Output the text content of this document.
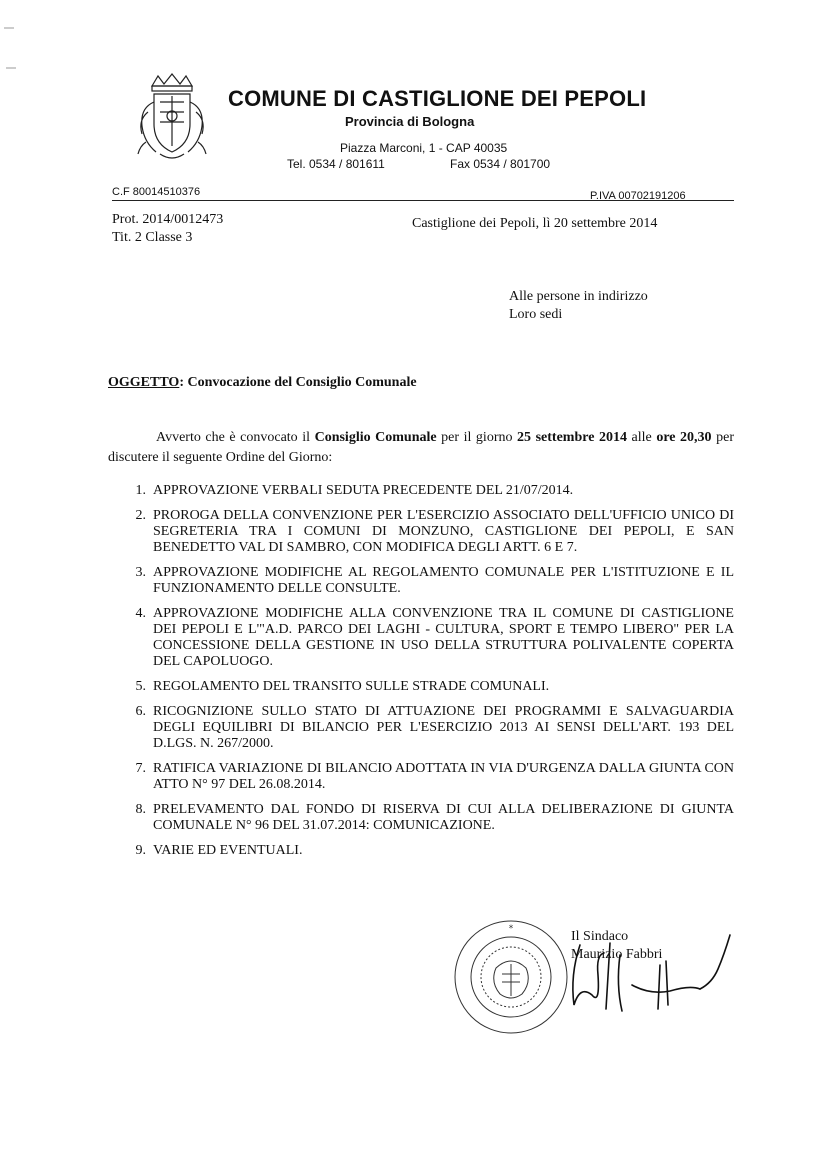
COMUNE DI CASTIGLIONE DEI PEPOLI
Provincia di Bologna
Piazza Marconi, 1 - CAP 40035
Tel. 0534 / 801611	Fax 0534 / 801700
C.F 80014510376	P.IVA 00702191206
Prot. 2014/0012473
Tit. 2 Classe 3
Castiglione dei Pepoli, lì 20 settembre 2014
Alle persone in indirizzo
Loro sedi
OGGETTO: Convocazione del Consiglio Comunale
Avverto che è convocato il Consiglio Comunale per il giorno 25 settembre 2014 alle ore 20,30 per discutere il seguente Ordine del Giorno:
1. APPROVAZIONE VERBALI SEDUTA PRECEDENTE DEL 21/07/2014.
2. PROROGA DELLA CONVENZIONE PER L'ESERCIZIO ASSOCIATO DELL'UFFICIO UNICO DI SEGRETERIA TRA I COMUNI DI MONZUNO, CASTIGLIONE DEI PEPOLI, E SAN BENEDETTO VAL DI SAMBRO, CON MODIFICA DEGLI ARTT. 6 E 7.
3. APPROVAZIONE MODIFICHE AL REGOLAMENTO COMUNALE PER L'ISTITUZIONE E IL FUNZIONAMENTO DELLE CONSULTE.
4. APPROVAZIONE MODIFICHE ALLA CONVENZIONE TRA IL COMUNE DI CASTIGLIONE DEI PEPOLI E L'"A.D. PARCO DEI LAGHI - CULTURA, SPORT E TEMPO LIBERO" PER LA CONCESSIONE DELLA GESTIONE IN USO DELLA STRUTTURA POLIVALENTE COPERTA DEL CAPOLUOGO.
5. REGOLAMENTO DEL TRANSITO SULLE STRADE COMUNALI.
6. RICOGNIZIONE SULLO STATO DI ATTUAZIONE DEI PROGRAMMI E SALVAGUARDIA DEGLI EQUILIBRI DI BILANCIO PER L'ESERCIZIO 2013 AI SENSI DELL'ART. 193 DEL D.LGS. N. 267/2000.
7. RATIFICA VARIAZIONE DI BILANCIO ADOTTATA IN VIA D'URGENZA DALLA GIUNTA CON ATTO N° 97 DEL 26.08.2014.
8. PRELEVAMENTO DAL FONDO DI RISERVA DI CUI ALLA DELIBERAZIONE DI GIUNTA COMUNALE N° 96 DEL 31.07.2014: COMUNICAZIONE.
9. VARIE ED EVENTUALI.
*	Il Sindaco
Maurizio Fabbri
